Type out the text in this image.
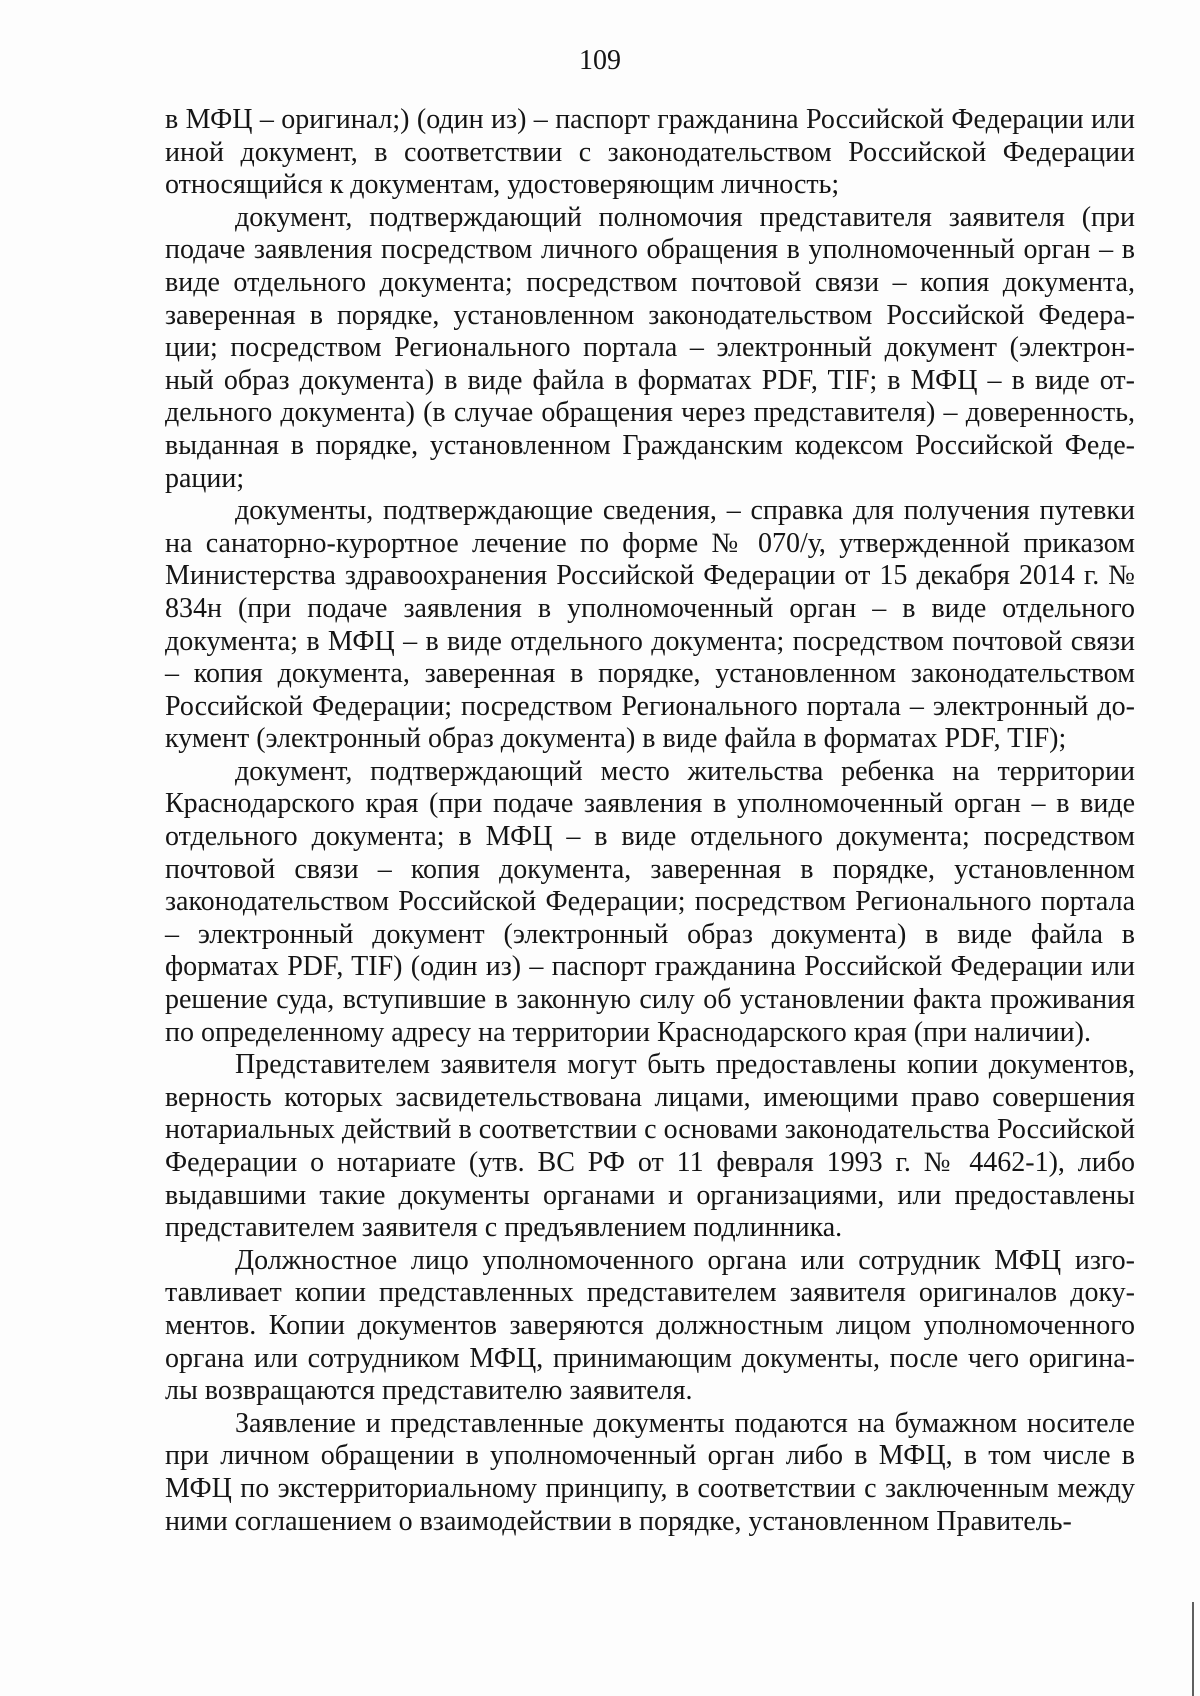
109

в МФЦ – оригинал;) (один из) – паспорт гражданина Российской Федерации или иной документ, в соответствии с законодательством Российской Федерации относящийся к документам, удостоверяющим личность;

документ, подтверждающий полномочия представителя заявителя (при подаче заявления посредством личного обращения в уполномоченный орган – в виде отдельного документа; посредством почтовой связи – копия документа, заверенная в порядке, установленном законодательством Российской Федерации; посредством Регионального портала – электронный документ (электронный образ документа) в виде файла в форматах PDF, TIF; в МФЦ – в виде отдельного документа) (в случае обращения через представителя) – доверенность, выданная в порядке, установленном Гражданским кодексом Российской Федерации;

документы, подтверждающие сведения, – справка для получения путевки на санаторно-курортное лечение по форме № 070/у, утвержденной приказом Министерства здравоохранения Российской Федерации от 15 декабря 2014 г. № 834н (при подаче заявления в уполномоченный орган – в виде отдельного документа; в МФЦ – в виде отдельного документа; посредством почтовой связи – копия документа, заверенная в порядке, установленном законодательством Российской Федерации; посредством Регионального портала – электронный документ (электронный образ документа) в виде файла в форматах PDF, TIF);

документ, подтверждающий место жительства ребенка на территории Краснодарского края (при подаче заявления в уполномоченный орган – в виде отдельного документа; в МФЦ – в виде отдельного документа; посредством почтовой связи – копия документа, заверенная в порядке, установленном законодательством Российской Федерации; посредством Регионального портала – электронный документ (электронный образ документа) в виде файла в форматах PDF, TIF) (один из) – паспорт гражданина Российской Федерации или решение суда, вступившие в законную силу об установлении факта проживания по определенному адресу на территории Краснодарского края (при наличии).

Представителем заявителя могут быть предоставлены копии документов, верность которых засвидетельствована лицами, имеющими право совершения нотариальных действий в соответствии с основами законодательства Российской Федерации о нотариате (утв. ВС РФ от 11 февраля 1993 г. № 4462-1), либо выдавшими такие документы органами и организациями, или предоставлены представителем заявителя с предъявлением подлинника.

Должностное лицо уполномоченного органа или сотрудник МФЦ изготавливает копии представленных представителем заявителя оригиналов документов. Копии документов заверяются должностным лицом уполномоченного органа или сотрудником МФЦ, принимающим документы, после чего оригиналы возвращаются представителю заявителя.

Заявление и представленные документы подаются на бумажном носителе при личном обращении в уполномоченный орган либо в МФЦ, в том числе в МФЦ по экстерриториальному принципу, в соответствии с заключенным между ними соглашением о взаимодействии в порядке, установленном Правитель-
